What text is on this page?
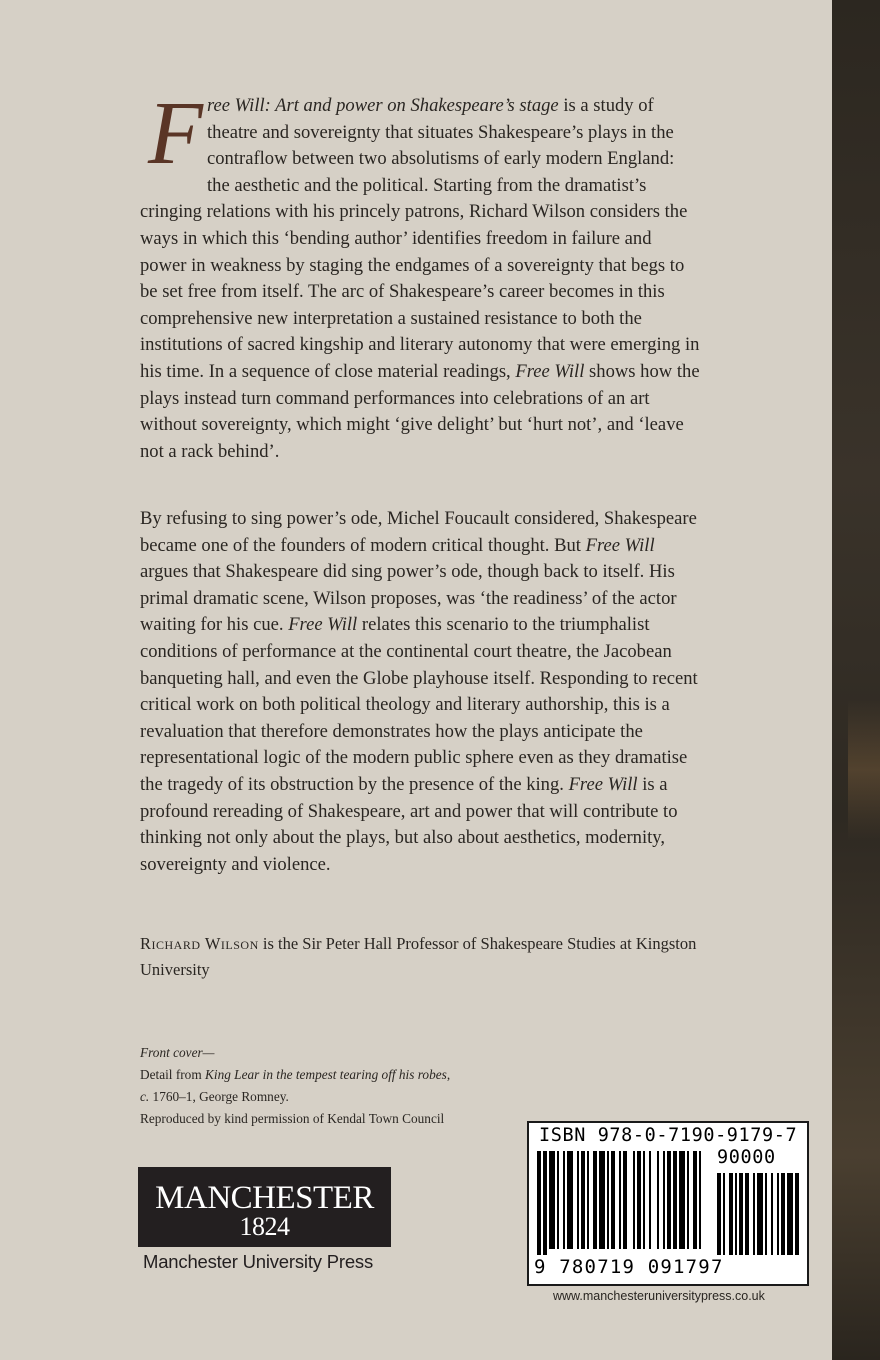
Free Will: Art and power on Shakespeare’s stage is a study of theatre and sovereignty that situates Shakespeare’s plays in the contraflow between two absolutisms of early modern England: the aesthetic and the political. Starting from the dramatist’s cringing relations with his princely patrons, Richard Wilson considers the ways in which this ‘bending author’ identifies freedom in failure and power in weakness by staging the endgames of a sovereignty that begs to be set free from itself. The arc of Shakespeare’s career becomes in this comprehensive new interpretation a sustained resistance to both the institutions of sacred kingship and literary autonomy that were emerging in his time. In a sequence of close material readings, Free Will shows how the plays instead turn command performances into celebrations of an art without sovereignty, which might ‘give delight’ but ‘hurt not’, and ‘leave not a rack behind’.

By refusing to sing power’s ode, Michel Foucault considered, Shakespeare became one of the founders of modern critical thought. But Free Will argues that Shakespeare did sing power’s ode, though back to itself. His primal dramatic scene, Wilson proposes, was ‘the readiness’ of the actor waiting for his cue. Free Will relates this scenario to the triumphalist conditions of performance at the continental court theatre, the Jacobean banqueting hall, and even the Globe playhouse itself. Responding to recent critical work on both political theology and literary authorship, this is a revaluation that therefore demonstrates how the plays anticipate the representational logic of the modern public sphere even as they dramatise the tragedy of its obstruction by the presence of the king. Free Will is a profound rereading of Shakespeare, art and power that will contribute to thinking not only about the plays, but also about aesthetics, modernity, sovereignty and violence.

Richard Wilson is the Sir Peter Hall Professor of Shakespeare Studies at Kingston University
Front cover—
Detail from King Lear in the tempest tearing off his robes,
c. 1760–1, George Romney.
Reproduced by kind permission of Kendal Town Council
MANCHESTER
1824
Manchester University Press
ISBN 978-0-7190-9179-7
90000
9 780719 091797
www.manchesteruniversitypress.co.uk
